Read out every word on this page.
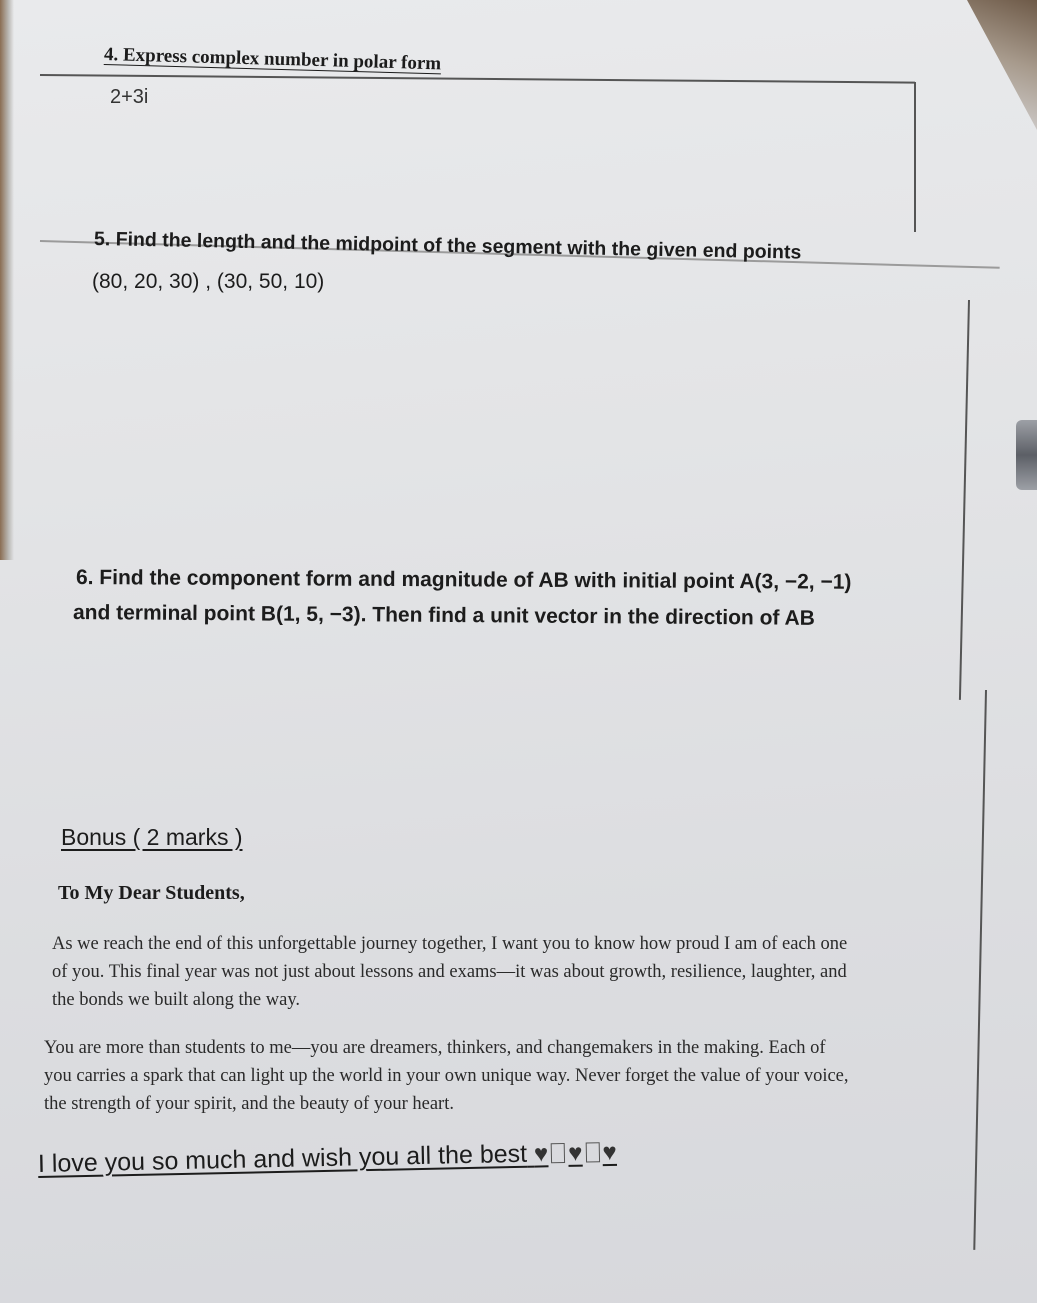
4. Express complex number in polar form
2+3i
5. Find the length and the midpoint of the segment with the given end points
(80, 20, 30) , (30, 50, 10)
6. Find the component form and magnitude of AB with initial point A(3, −2, −1)
and terminal point B(1, 5, −3). Then find a unit vector in the direction of AB
Bonus ( 2 marks )
To My Dear Students,
As we reach the end of this unforgettable journey together, I want you to know how proud I am of each one
of you. This final year was not just about lessons and exams—it was about growth, resilience, laughter, and
the bonds we built along the way.
You are more than students to me—you are dreamers, thinkers, and changemakers in the making. Each of
you carries a spark that can light up the world in your own unique way. Never forget the value of your voice,
the strength of your spirit, and the beauty of your heart.
I love you so much and wish you all the best ♥ ♥ ♥
